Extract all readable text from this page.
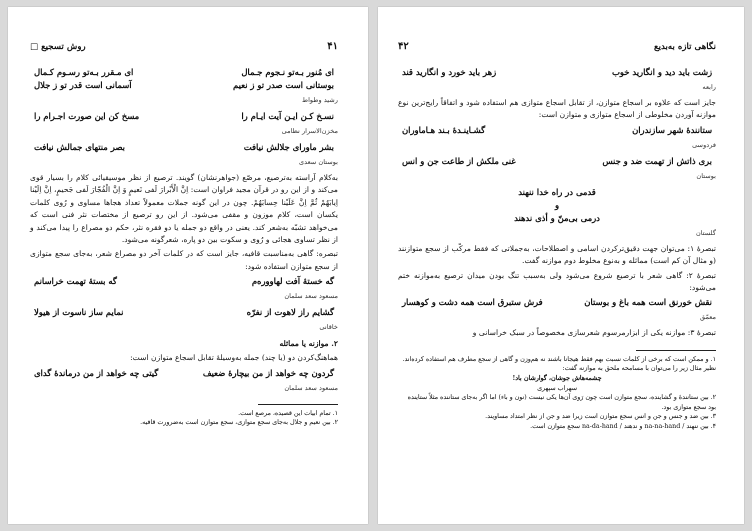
۴۱
روش تسجیع □
ای مُنور بـه‌تو نـجوم جـمال
ای مـقرر بـه‌تو رسـوم کـمال
بوستانی است صدر تو ز نعیم
آسمانی است قدر تو ز جلال
رشید وطواط
نسـخ کـن ایـن آیت ایـام را
مسخ کن این صورت اجـرام را
مخزن‌الاسرار نظامی
بشر ماورای جلالش نیافت
بصر منتهای جمالش نیافت
بوستان سعدی
به‌کلام آراسته به‌ترصیع، مرصّع (جواهرنشان) گویند. ترصیع از نظر موسیقیائی کلام را بسیار قوی می‌کند و از این رو در قرآن مجید فراوان است: اِنَّ الْأَبْرارَ لَفی نَعیمٍ وَ اِنَّ الْفُجّارَ لَفی جَحیمٍ، اِنَّ اِلَیْنا اِیابَهُمْ ثُمَّ اِنَّ عَلَیْنا حِسابَهُمْ. چون در این گونه جملات معمولاً تعداد هجاها مساوی و رُوی کلمات یکسان است، کلام موزون و مقفی می‌شود. از این رو ترصیع از مختصات نثر فنی است که می‌خواهد تشبّه به‌شعر کند. یعنی در واقع دو جمله یا دو فقره نثر، حکم دو مصراع را پیدا می‌کند و از نظر تساوی هجائی و رُوی و سکوت بین دو پاره، شعرگونه می‌شود.
تبصره: گاهی به‌مناسبت قافیه، جایز است که در کلمات آخر دو مصراع شعر، به‌جای سجع متوازی از سجع متوازن استفاده شود:
گه خستهٔ آفت لهاووره‌م
گه بستهٔ تهمت خراسانم
مسعود سعد سلمان
گشایم راز لاهوت از نفرّه
نمایم ساز ناسوت از هیولا
خاقانی
۲. موازنه یا مماثله
هماهنگ‌کردن دو (یا چند) جمله به‌وسیلهٔ تقابل اسجاع متوازن است:
گردون چه خواهد از من بیچارهٔ ضعیف
گیتی چه خواهد از من درماندهٔ گدای
مسعود سعد سلمان
۱. تمام ابیات این قصیده، مرصع است.
۲. بین نعیم و جلال به‌جای سجع متوازی، سجع متوازن است به‌ضرورت قافیه.
نگاهی تازه به‌بدیع
۴۲
زشت باید دید و انگارید خوب
زهر باید خورد و انگارید قند
رابعه
جایز است که علاوه بر اسجاع متوازن، از تقابل اسجاع متوازی هم استفاده شود و اتفاقاً رایج‌ترین نوع موازنه آوردن مخلوطی از اسجاع متوازی و متوازن است:
ستانندهٔ شهر سازندران
گشـاینـدهٔ بـند هـاماوران
فردوسی
بری ذاتش از تهمت ضد و جنس
غنی ملکش از طاعت جن و انس
بوستان
قدمی در راه خدا ننهند
و
درمی بی‌منّ و أذی ندهند
گلستان
تبصرهٔ ۱: می‌توان جهت دقیق‌ترکردن اسامی و اصطلاحات، به‌جملاتی که فقط مرکّب از سجع متوازنند (و مثال آن کم است) مماثله و به‌نوع مخلوط دوم موازنه گفت.
تبصرهٔ ۲: گاهی شعر با ترصیع شروع می‌شود ولی به‌سبب تنگ بودن میدان ترصیع به‌موازنه ختم می‌شود:
نقش خورنق است همه باغ و بوستان
فرش ستبرق است همه دشت و کوهسار
معمّق
تبصرهٔ ۳: موازنه یکی از ابزارمرسوم شعرسازی مخصوصاً در سبک خراسانی و
۱. و ممکن است که برخی از کلمات نسبت بهم فقط هیجانا باشند نه هم‌وزن و گاهی از سجع مطرف هم استفاده کرده‌اند. نظیر مثال زیر را می‌توان با مسامحه ملحق به موازنه گفت:
چشمه‌هاش جوشان، گوارشان باد!
سهراب سپهری
۲. بین ستانندهٔ و گشاینده، سجع متوازن است چون رَوی آن‌ها یکی نیست (نون و باء) اما اگر به‌جای ستاننده مثلاً ستاینده بود سجع متوازی بود.
۳. بین ضد و جنس و جن و انس سجع متوازن است زیرا ضد و جن از نظر امتداد مساویند.
۴. بین ننهند / na-na-hand و ندهند / na-da-hand سجع متوازن است.
